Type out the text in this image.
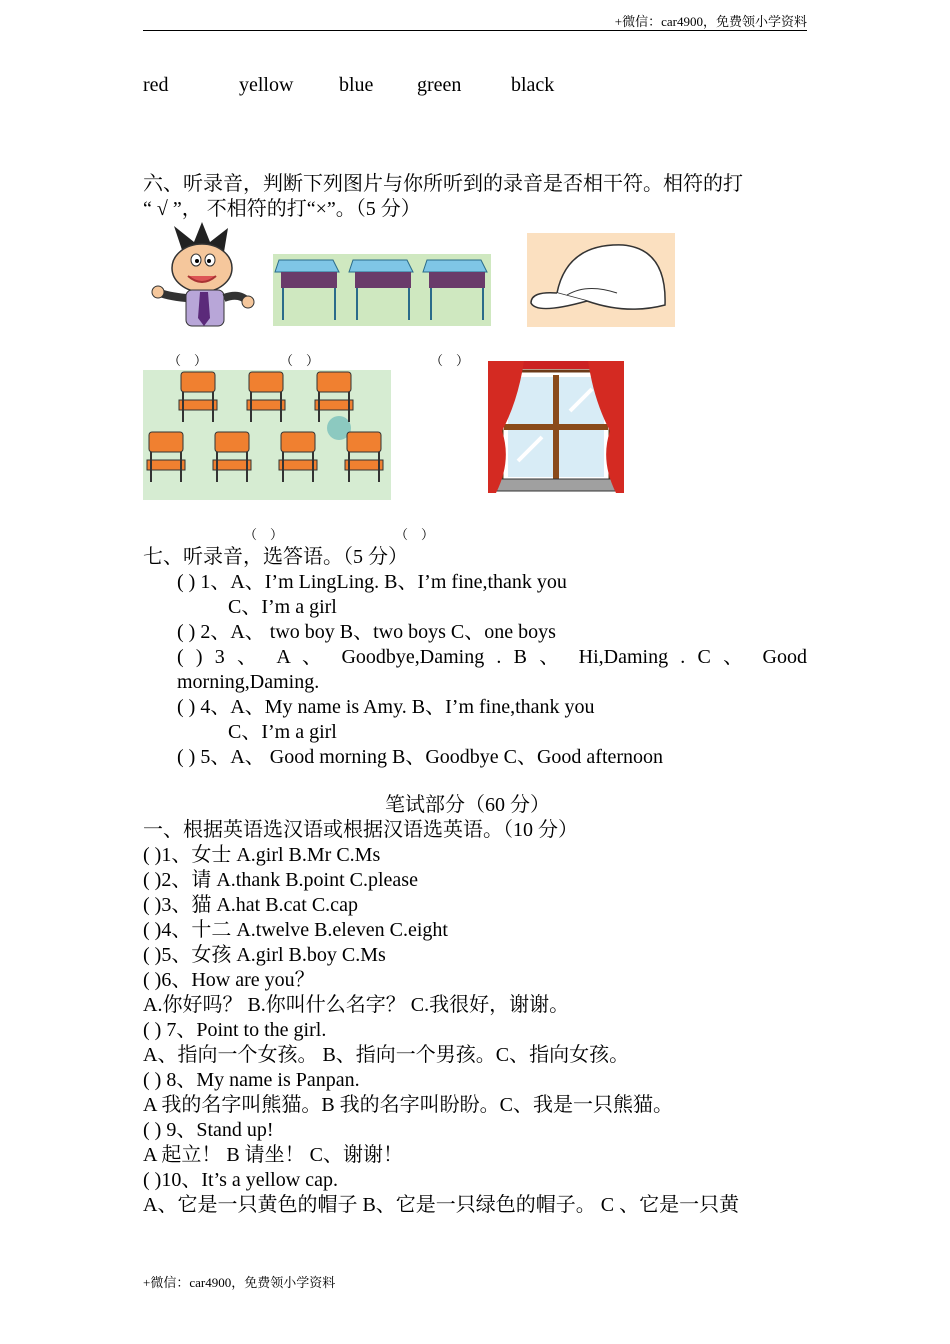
+微信：car4900，免费领小学资料
red	yellow blue green black
六、听录音，判断下列图片与你所听到的录音是否相干符。相符的打
“ √ ”， 不相符的打“×”。（5 分）
（　）	（　）	（　）
（　）	（　）
七、听录音，选答语。（5 分）
( ) 1、A、I’m LingLing. B、I’m fine,thank you
C、I’m a girl
( ) 2、A、 two boy B、two boys C、one boys
( ) 3 、 A 、 Goodbye,Daming . B 、 Hi,Daming . C 、 Good
morning,Daming.
( ) 4、A、My name is Amy. B、I’m fine,thank you
C、I’m a girl
( ) 5、A、 Good morning B、Goodbye C、Good afternoon
笔试部分（60 分）
一、根据英语选汉语或根据汉语选英语。（10 分）
( )1、女士 A.girl B.Mr C.Ms
( )2、请 A.thank B.point C.please
( )3、猫 A.hat B.cat C.cap
( )4、十二 A.twelve B.eleven C.eight
( )5、女孩 A.girl B.boy C.Ms
( )6、How are you？
A.你好吗？ B.你叫什么名字？ C.我很好，谢谢。
( ) 7、Point to the girl.
A、指向一个女孩。 B、指向一个男孩。C、指向女孩。
( ) 8、My name is Panpan.
A 我的名字叫熊猫。B 我的名字叫盼盼。C、我是一只熊猫。
( ) 9、Stand up!
A 起立！ B 请坐！ C、谢谢！
( )10、It’s a yellow cap.
A、它是一只黄色的帽子 B、它是一只绿色的帽子。 C 、它是一只黄
+微信：car4900，免费领小学资料
